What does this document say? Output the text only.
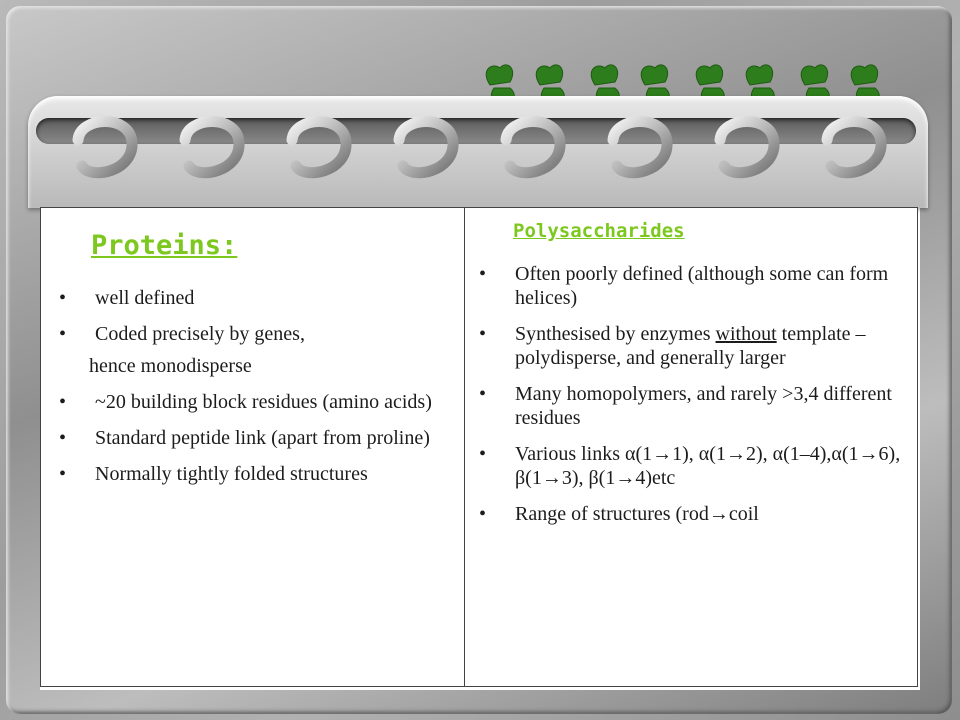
Proteins:
• well defined
• Coded precisely by genes,
hence monodisperse
• ~20 building block residues (amino acids)
• Standard peptide link (apart from proline)
• Normally tightly folded structures
Polysaccharides
• Often poorly defined (although some can form helices)
• Synthesised by enzymes without template – polydisperse, and generally larger
• Many homopolymers, and rarely >3,4 different residues
• Various links α(1→1), α(1→2), α(1–4),α(1→6), β(1→3), β(1→4)etc
• Range of structures (rod→coil
